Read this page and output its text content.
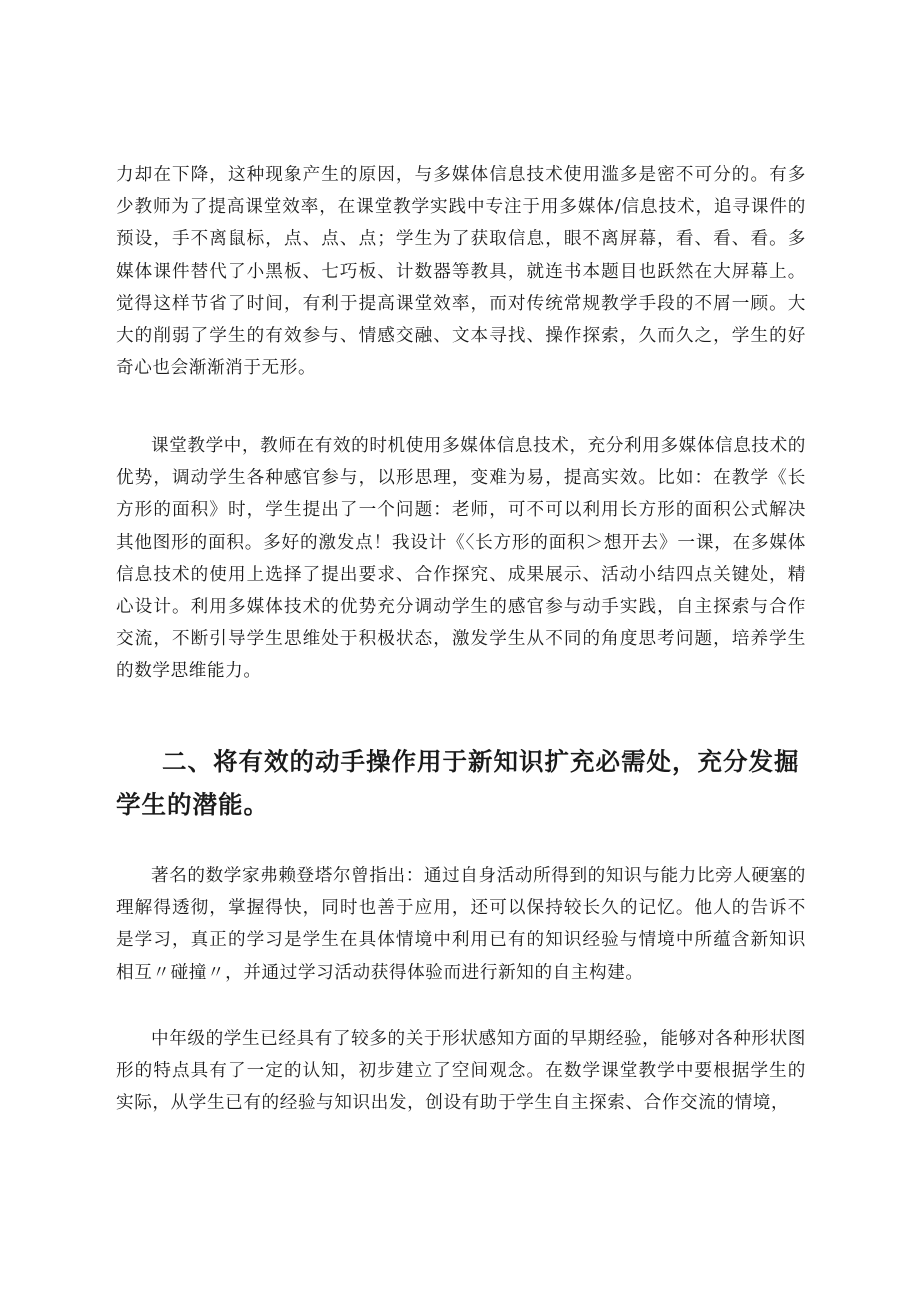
力却在下降，这种现象产生的原因，与多媒体信息技术使用滥多是密不可分的。有多少教师为了提高课堂效率，在课堂教学实践中专注于用多媒体/信息技术，追寻课件的预设，手不离鼠标，点、点、点；学生为了获取信息，眼不离屏幕，看、看、看。多媒体课件替代了小黑板、七巧板、计数器等教具，就连书本题目也跃然在大屏幕上。觉得这样节省了时间，有利于提高课堂效率，而对传统常规教学手段的不屑一顾。大大的削弱了学生的有效参与、情感交融、文本寻找、操作探索，久而久之，学生的好奇心也会渐渐消于无形。

课堂教学中，教师在有效的时机使用多媒体信息技术，充分利用多媒体信息技术的优势，调动学生各种感官参与，以形思理，变难为易，提高实效。比如：在教学《长方形的面积》时，学生提出了一个问题：老师，可不可以利用长方形的面积公式解决其他图形的面积。多好的激发点！我设计《〈长方形的面积＞想开去》一课，在多媒体信息技术的使用上选择了提出要求、合作探究、成果展示、活动小结四点关键处，精心设计。利用多媒体技术的优势充分调动学生的感官参与动手实践，自主探索与合作交流，不断引导学生思维处于积极状态，激发学生从不同的角度思考问题，培养学生的数学思维能力。

二、将有效的动手操作用于新知识扩充必需处，充分发掘学生的潜能。

著名的数学家弗赖登塔尔曾指出：通过自身活动所得到的知识与能力比旁人硬塞的理解得透彻，掌握得快，同时也善于应用，还可以保持较长久的记忆。他人的告诉不是学习，真正的学习是学生在具体情境中利用已有的知识经验与情境中所蕴含新知识相互〃碰撞〃，并通过学习活动获得体验而进行新知的自主构建。

中年级的学生已经具有了较多的关于形状感知方面的早期经验，能够对各种形状图形的特点具有了一定的认知，初步建立了空间观念。在数学课堂教学中要根据学生的实际，从学生已有的经验与知识出发，创设有助于学生自主探索、合作交流的情境，
